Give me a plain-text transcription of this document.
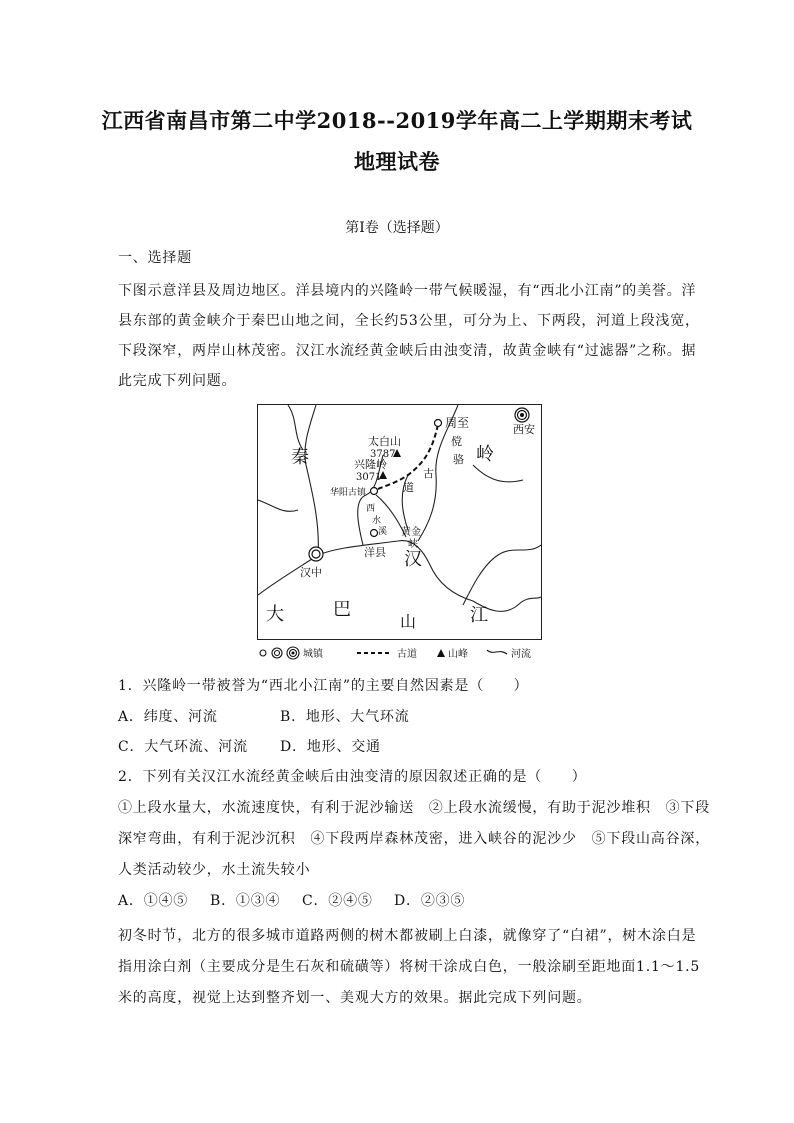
江西省南昌市第二中学2018--2019学年高二上学期期末考试
地理试卷
第Ⅰ卷（选择题）
一、选择题
下图示意洋县及周边地区。洋县境内的兴隆岭一带气候暖湿，有“西北小江南”的美誉。洋
县东部的黄金峡介于秦巴山地之间，全长约53公里，可分为上、下两段，河道上段浅宽，
下段深窄，两岸山林茂密。汉江水流经黄金峡后由浊变清，故黄金峡有“过滤器”之称。据
此完成下列问题。
秦	岭
大	巴
山
汉
江
周至	西安
太白山
3787
兴隆岭
3071
华阳古镇
洋县
汉中
黄金
峡
西
水
溪
傥
骆
古
道
城镇	古道	山峰	河流
1．兴隆岭一带被誉为“西北小江南”的主要自然因素是（　　）
A．纬度、河流	B．地形、大气环流
C．大气环流、河流 D．地形、交通
2．下列有关汉江水流经黄金峡后由浊变清的原因叙述正确的是（　　）
①上段水量大，水流速度快，有利于泥沙输送　②上段水流缓慢，有助于泥沙堆积　③下段
深窄弯曲，有利于泥沙沉积　④下段两岸森林茂密，进入峡谷的泥沙少　⑤下段山高谷深，
人类活动较少，水土流失较小
A．①④⑤ B．①③④ C．②④⑤ D．②③⑤
初冬时节，北方的很多城市道路两侧的树木都被刷上白漆，就像穿了“白裙”，树木涂白是
指用涂白剂（主要成分是生石灰和硫磺等）将树干涂成白色，一般涂刷至距地面1.1～1.5
米的高度，视觉上达到整齐划一、美观大方的效果。据此完成下列问题。
